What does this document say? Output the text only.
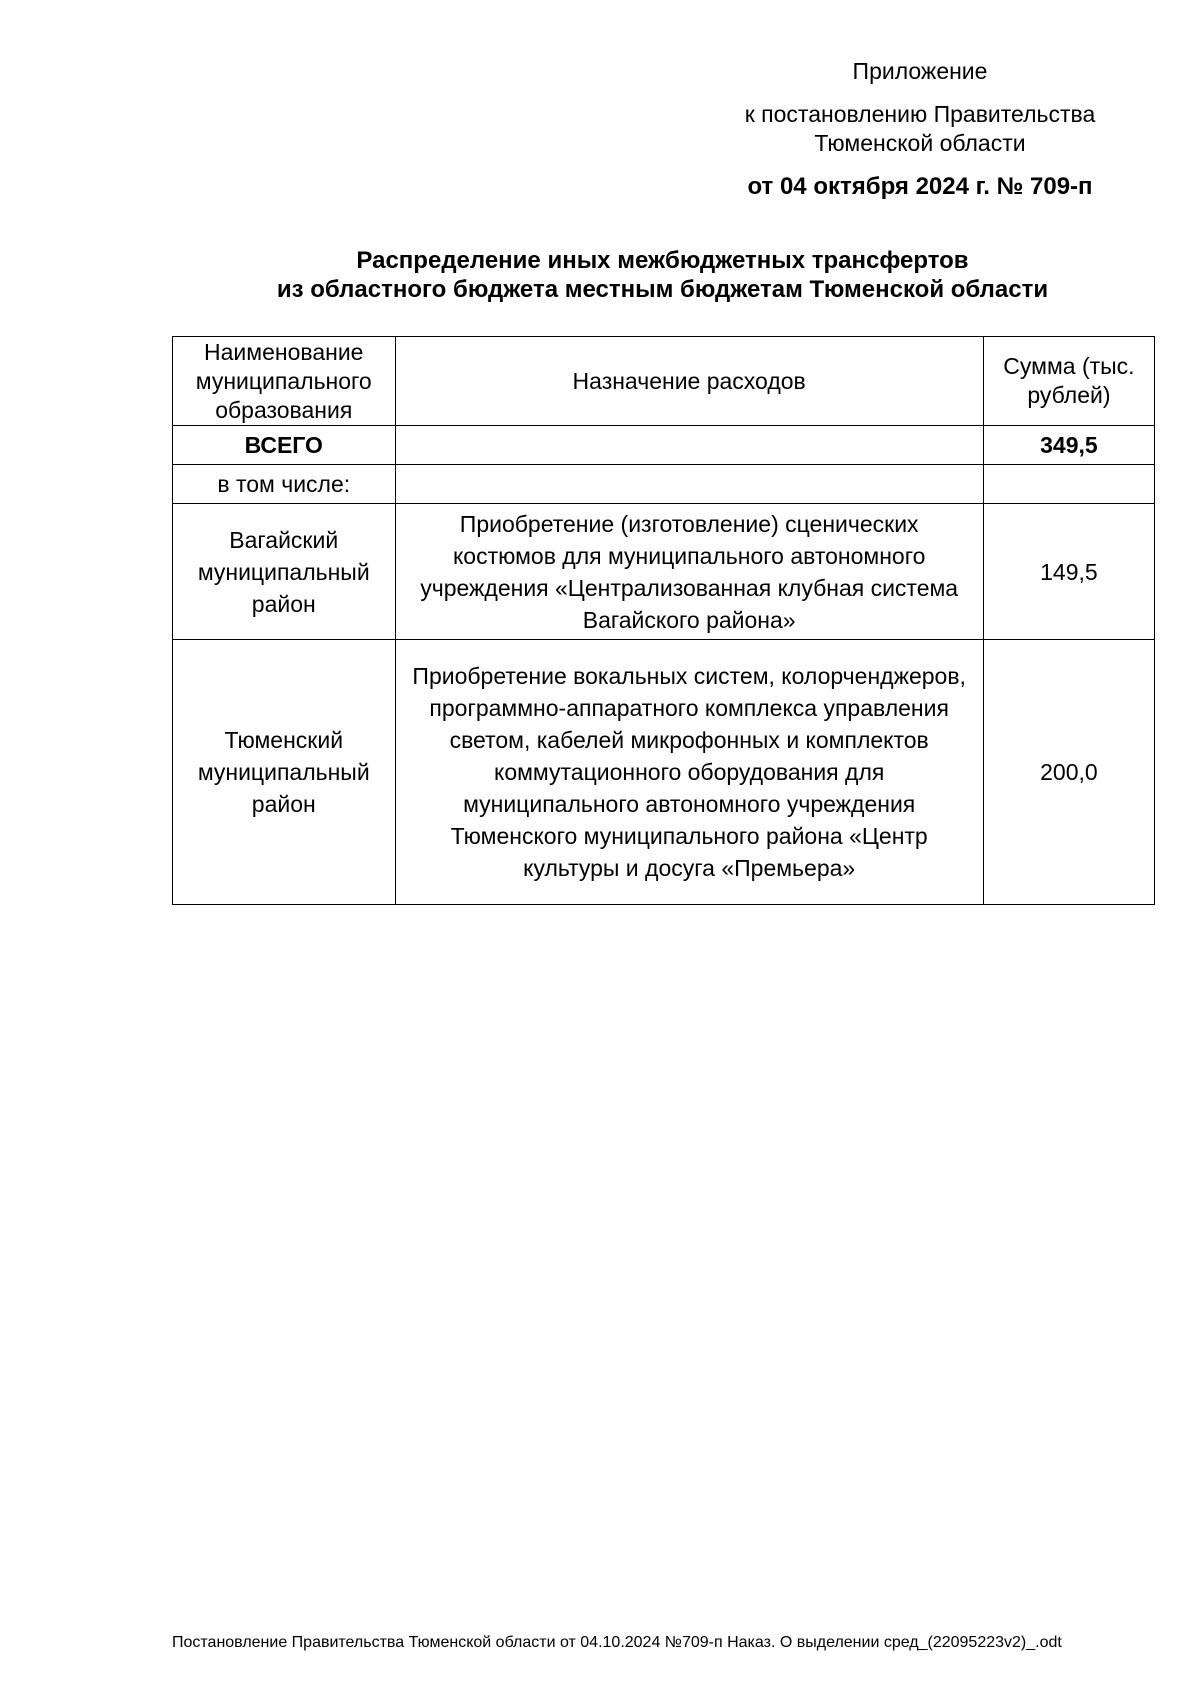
Приложение
к постановлению Правительства
Тюменской области
от 04 октября 2024 г. № 709-п
Распределение иных межбюджетных трансфертов
из областного бюджета местным бюджетам Тюменской области
Наименование муниципального образования	Назначение расходов	Сумма (тыс. рублей)
ВСЕГО		349,5
в том числе:		
Вагайский муниципальный район	Приобретение (изготовление) сценических костюмов для муниципального автономного учреждения «Централизованная клубная система Вагайского района»	149,5
Тюменский муниципальный район	Приобретение вокальных систем, колорченджеров, программно-аппаратного комплекса управления светом, кабелей микрофонных и комплектов коммутационного оборудования для муниципального автономного учреждения Тюменского муниципального района «Центр культуры и досуга «Премьера»	200,0
Постановление Правительства Тюменской области от 04.10.2024 №709-п Наказ. О выделении сред_(22095223v2)_.odt
